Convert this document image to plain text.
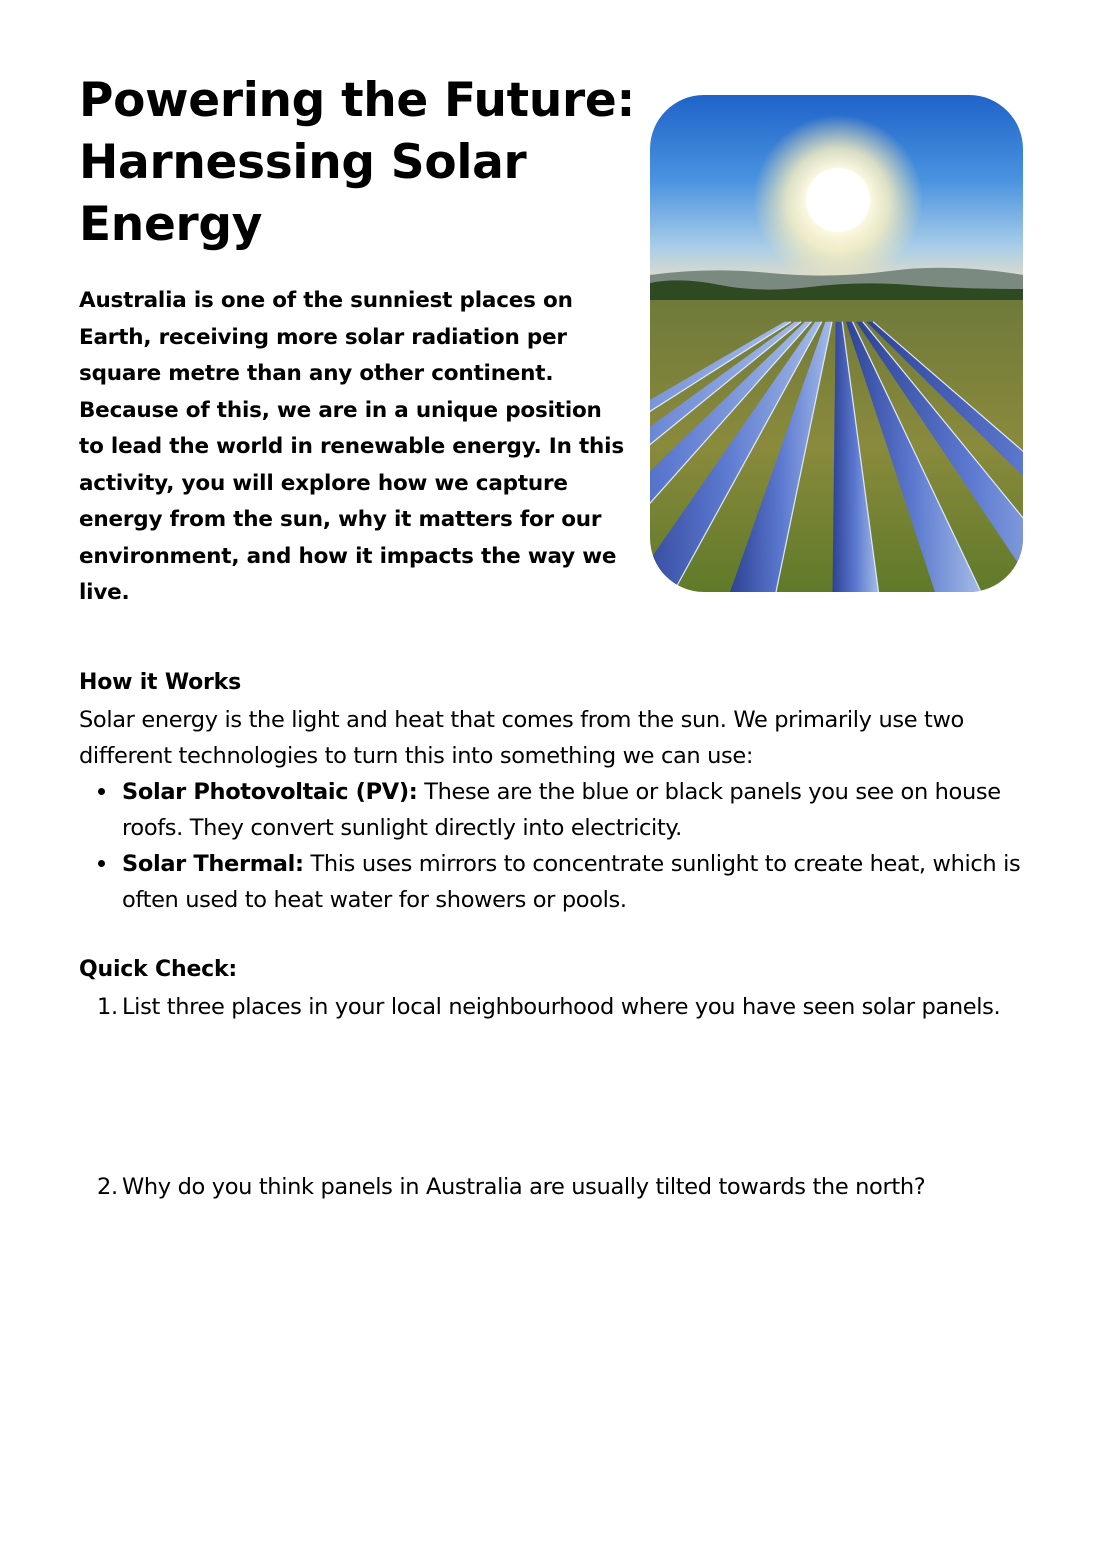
Powering the Future: Harnessing Solar Energy

Australia is one of the sunniest places on Earth, receiving more solar radiation per square metre than any other continent. Because of this, we are in a unique position to lead the world in renewable energy. In this activity, you will explore how we capture energy from the sun, why it matters for our environment, and how it impacts the way we live.

How it Works

Solar energy is the light and heat that comes from the sun. We primarily use two different technologies to turn this into something we can use:

Solar Photovoltaic (PV): These are the blue or black panels you see on house roofs. They convert sunlight directly into electricity.
Solar Thermal: This uses mirrors to concentrate sunlight to create heat, which is often used to heat water for showers or pools.
Quick Check:
1. List three places in your local neighbourhood where you have seen solar panels.
2. Why do you think panels in Australia are usually tilted towards the north?
